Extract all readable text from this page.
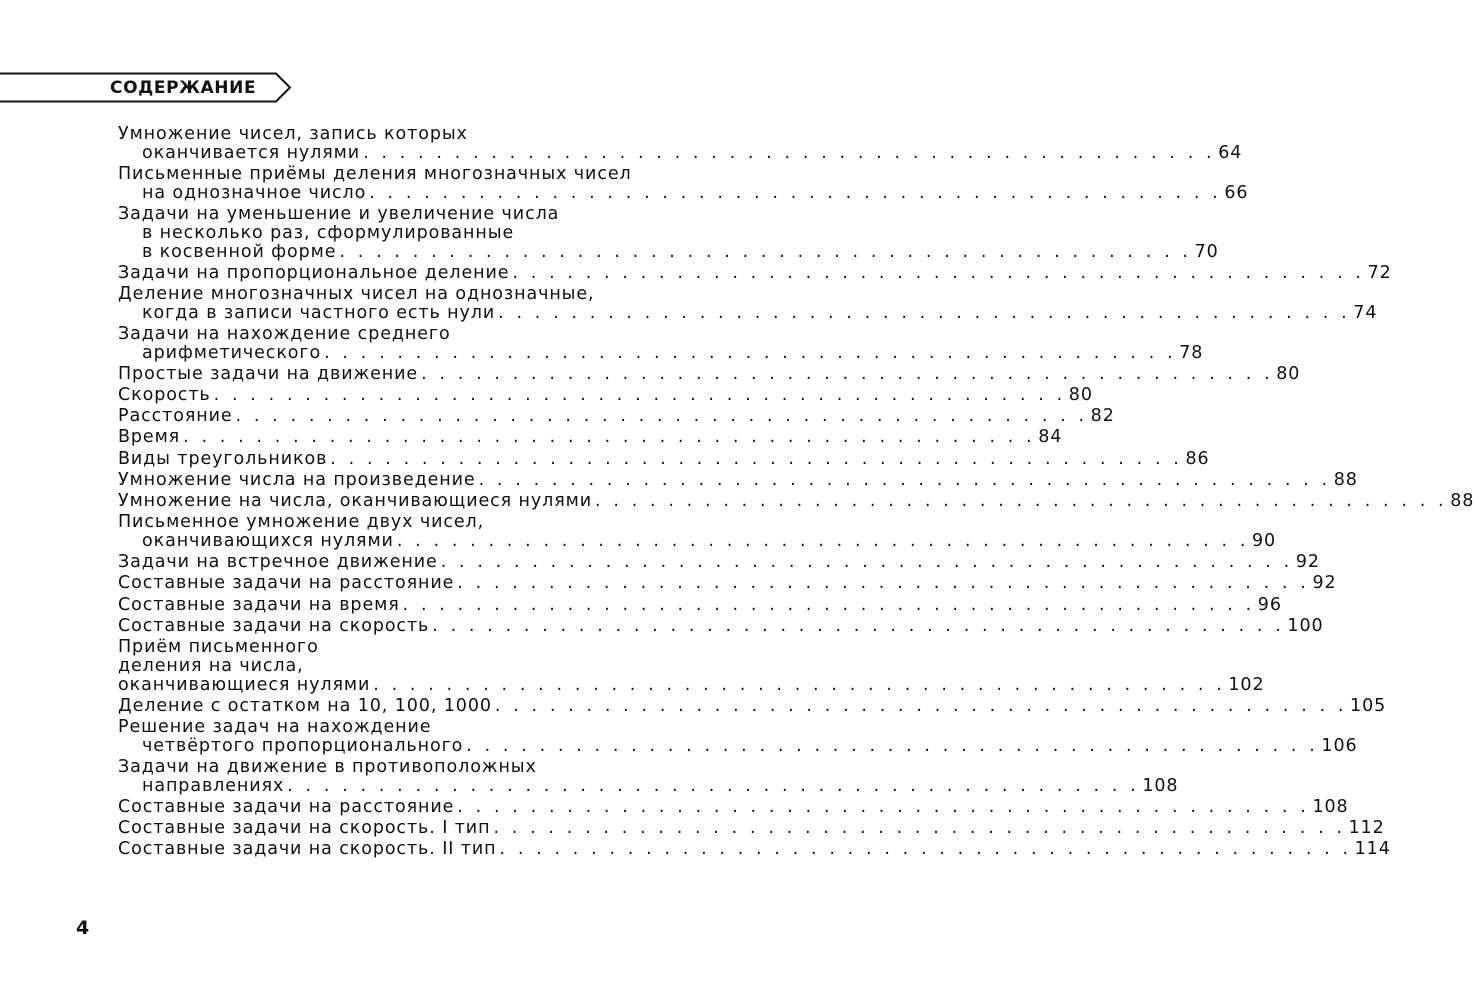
СОДЕРЖАНИЕ
Умножение чисел, запись которых
оканчивается нулями . . . . . . . . . . . . . . . . . . . . . . . . . . . . . . . . . . . . . . . . . . . . . . . 64
Письменные приёмы деления многозначных чисел
на однозначное число . . . . . . . . . . . . . . . . . . . . . . . . . . . . . . . . . . . . . . . . . . . . . . . 66
Задачи на уменьшение и увеличение числа
в несколько раз, сформулированные
в косвенной форме . . . . . . . . . . . . . . . . . . . . . . . . . . . . . . . . . . . . . . . . . . . . . . . 70
Задачи на пропорциональное деление . . . . . . . . . . . . . . . . . . . . . . . . . . . . . . . . . . . . . . . . . . . . . . . 72
Деление многозначных чисел на однозначные,
когда в записи частного есть нули . . . . . . . . . . . . . . . . . . . . . . . . . . . . . . . . . . . . . . . . . . . . . . . 74
Задачи на нахождение среднего
арифметического . . . . . . . . . . . . . . . . . . . . . . . . . . . . . . . . . . . . . . . . . . . . . . . 78
Простые задачи на движение . . . . . . . . . . . . . . . . . . . . . . . . . . . . . . . . . . . . . . . . . . . . . . . 80
Скорость . . . . . . . . . . . . . . . . . . . . . . . . . . . . . . . . . . . . . . . . . . . . . . . 80
Расстояние . . . . . . . . . . . . . . . . . . . . . . . . . . . . . . . . . . . . . . . . . . . . . . . 82
Время . . . . . . . . . . . . . . . . . . . . . . . . . . . . . . . . . . . . . . . . . . . . . . . 84
Виды треугольников . . . . . . . . . . . . . . . . . . . . . . . . . . . . . . . . . . . . . . . . . . . . . . . 86
Умножение числа на произведение . . . . . . . . . . . . . . . . . . . . . . . . . . . . . . . . . . . . . . . . . . . . . . . 88
Умножение на числа, оканчивающиеся нулями . . . . . . . . . . . . . . . . . . . . . . . . . . . . . . . . . . . . . . . . . . . . . . . 88
Письменное умножение двух чисел,
оканчивающихся нулями . . . . . . . . . . . . . . . . . . . . . . . . . . . . . . . . . . . . . . . . . . . . . . . 90
Задачи на встречное движение . . . . . . . . . . . . . . . . . . . . . . . . . . . . . . . . . . . . . . . . . . . . . . . 92
Составные задачи на расстояние . . . . . . . . . . . . . . . . . . . . . . . . . . . . . . . . . . . . . . . . . . . . . . . 92
Составные задачи на время . . . . . . . . . . . . . . . . . . . . . . . . . . . . . . . . . . . . . . . . . . . . . . . 96
Составные задачи на скорость . . . . . . . . . . . . . . . . . . . . . . . . . . . . . . . . . . . . . . . . . . . . . . . 100
Приём письменного
деления на числа,
оканчивающиеся нулями . . . . . . . . . . . . . . . . . . . . . . . . . . . . . . . . . . . . . . . . . . . . . . . 102
Деление с остатком на 10, 100, 1000 . . . . . . . . . . . . . . . . . . . . . . . . . . . . . . . . . . . . . . . . . . . . . . . 105
Решение задач на нахождение
четвёртого пропорционального . . . . . . . . . . . . . . . . . . . . . . . . . . . . . . . . . . . . . . . . . . . . . . . 106
Задачи на движение в противоположных
направлениях . . . . . . . . . . . . . . . . . . . . . . . . . . . . . . . . . . . . . . . . . . . . . . . 108
Составные задачи на расстояние . . . . . . . . . . . . . . . . . . . . . . . . . . . . . . . . . . . . . . . . . . . . . . . 108
Составные задачи на скорость. I тип . . . . . . . . . . . . . . . . . . . . . . . . . . . . . . . . . . . . . . . . . . . . . . . 112
Составные задачи на скорость. II тип . . . . . . . . . . . . . . . . . . . . . . . . . . . . . . . . . . . . . . . . . . . . . . . 114
4
